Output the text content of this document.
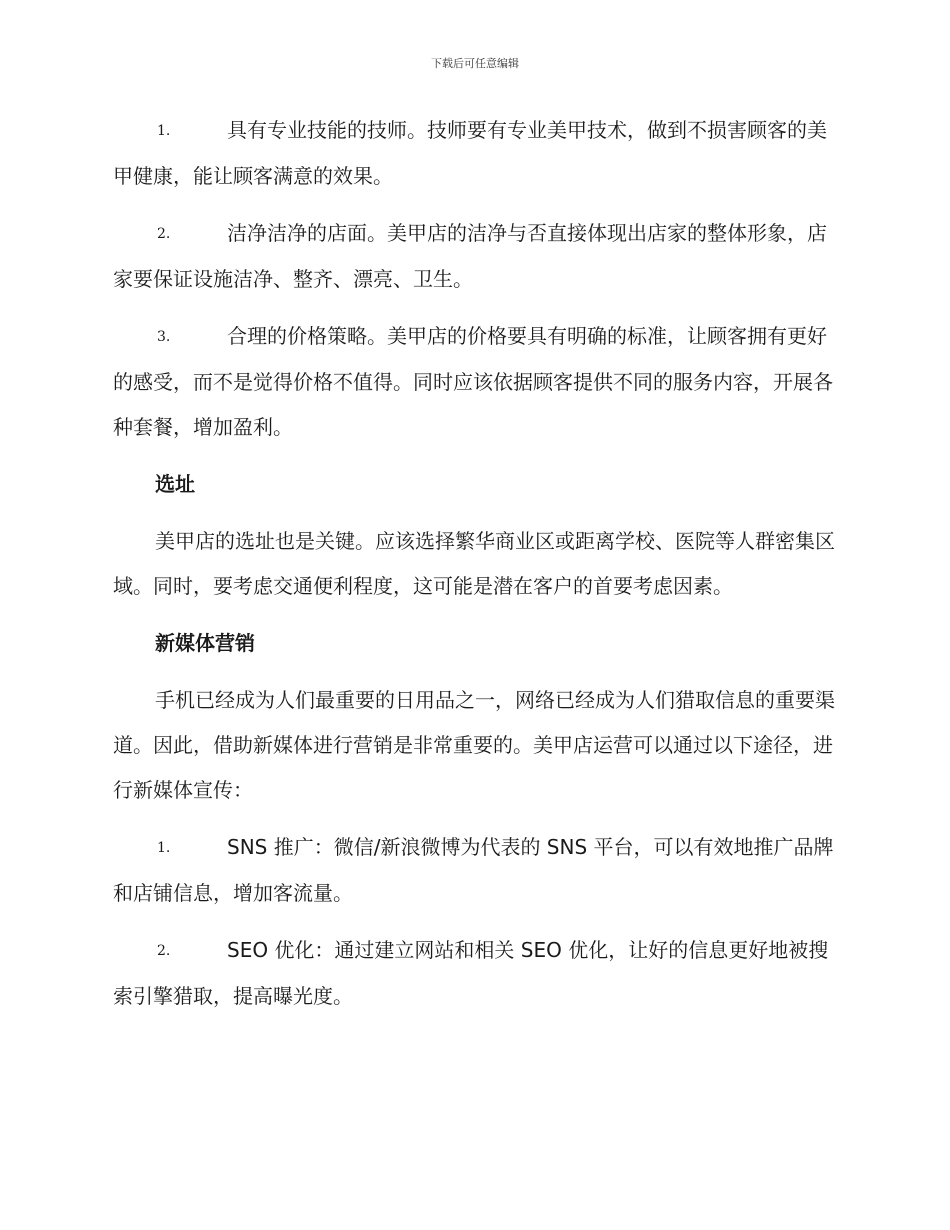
下载后可任意编辑

1.	具有专业技能的技师。技师要有专业美甲技术，做到不损害顾客的美甲健康，能让顾客满意的效果。

2.	洁净洁净的店面。美甲店的洁净与否直接体现出店家的整体形象，店家要保证设施洁净、整齐、漂亮、卫生。

3.	合理的价格策略。美甲店的价格要具有明确的标准，让顾客拥有更好的感受，而不是觉得价格不值得。同时应该依据顾客提供不同的服务内容，开展各种套餐，增加盈利。

选址

美甲店的选址也是关键。应该选择繁华商业区或距离学校、医院等人群密集区域。同时，要考虑交通便利程度，这可能是潜在客户的首要考虑因素。

新媒体营销

手机已经成为人们最重要的日用品之一，网络已经成为人们猎取信息的重要渠道。因此，借助新媒体进行营销是非常重要的。美甲店运营可以通过以下途径，进行新媒体宣传：

1.	SNS 推广：微信/新浪微博为代表的 SNS 平台，可以有效地推广品牌和店铺信息，增加客流量。

2.	SEO 优化：通过建立网站和相关 SEO 优化，让好的信息更好地被搜索引擎猎取，提高曝光度。
